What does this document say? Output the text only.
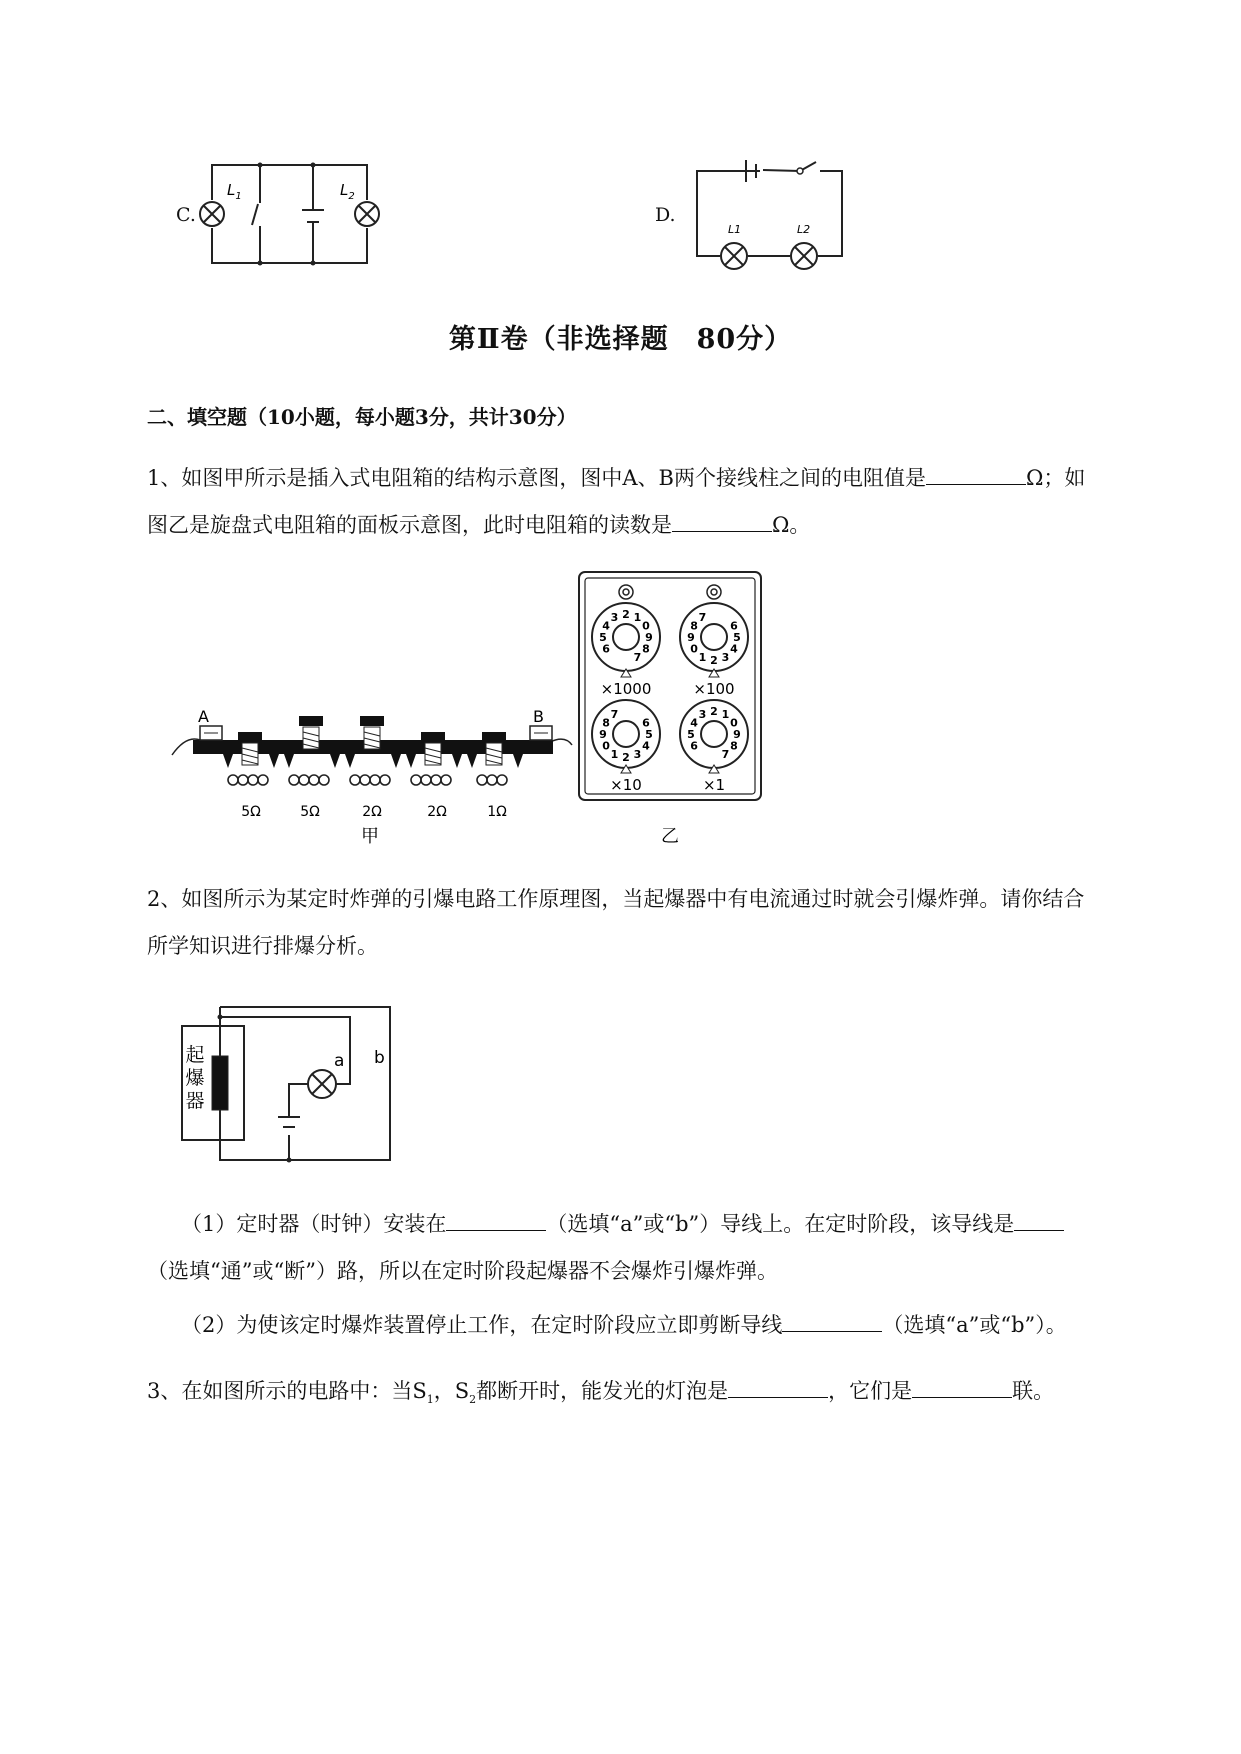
C.
$L_1$	$L_2$
D.
L1	L2
第Ⅱ卷（非选择题　80分）
二、填空题（10小题，每小题3分，共计30分）
1、如图甲所示是插入式电阻箱的结构示意图，图中A、B两个接线柱之间的电阻值是	Ω；如
图乙是旋盘式电阻箱的面板示意图，此时电阻箱的读数是	Ω。
A	B
5Ω	5Ω	2Ω	2Ω	1Ω
甲
6
5
4
3 2 1
0
9
8
7
6
5
4
3
2
1
0
9
8
7
6
5
4
3
2
1
0
9
8
7
6
5
4
3 2 1
0
9
8
7
×1000	×100
×10	×1
乙
2、如图所示为某定时炸弹的引爆电路工作原理图，当起爆器中有电流通过时就会引爆炸弹。请你结合
所学知识进行排爆分析。
起
爆
器
a b
（1）定时器（时钟）安装在	（选填“a”或“b”）导线上。在定时阶段，该导线是
（选填“通”或“断”）路，所以在定时阶段起爆器不会爆炸引爆炸弹。
（2）为使该定时爆炸装置停止工作，在定时阶段应立即剪断导线	（选填“a”或“b”）。
3、在如图所示的电路中：当$S_1$，$S_2$都断开时，能发光的灯泡是	，它们是	联。
